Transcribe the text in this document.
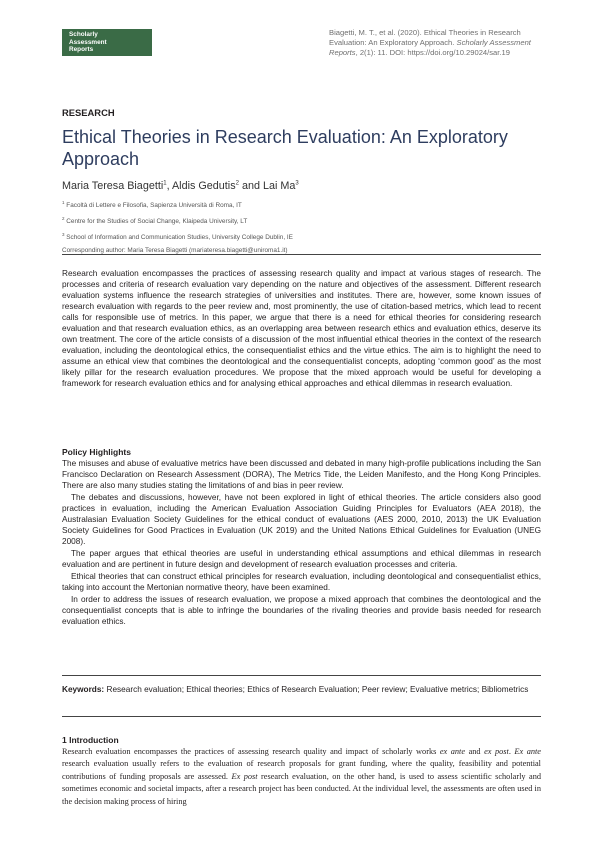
Scholarly
Assessment
Reports
Biagetti, M. T., et al. (2020). Ethical Theories in Research
Evaluation: An Exploratory Approach. Scholarly Assessment
Reports, 2(1): 11. DOI: https://doi.org/10.29024/sar.19
RESEARCH
Ethical Theories in Research Evaluation: An Exploratory Approach
Maria Teresa Biagetti$^1$, Aldis Gedutis$^2$ and Lai Ma$^3$
$^1$ Facoltà di Lettere e Filosofia, Sapienza Università di Roma, IT
$^2$ Centre for the Studies of Social Change, Klaipeda University, LT
$^3$ School of Information and Communication Studies, University College Dublin, IE
Corresponding author: Maria Teresa Biagetti (mariateresa.biagetti@uniroma1.it)

Research evaluation encompasses the practices of assessing research quality and impact at various stages of research. The processes and criteria of research evaluation vary depending on the nature and objectives of the assessment. Different research evaluation systems influence the research strategies of universities and institutes. There are, however, some known issues of research evaluation with regards to the peer review and, most prominently, the use of citation-based metrics, which lead to recent calls for responsible use of metrics. In this paper, we argue that there is a need for ethical theories for considering research evaluation and that research evaluation ethics, as an overlapping area between research ethics and evaluation ethics, deserve its own treatment. The core of the article consists of a discussion of the most influential ethical theories in the context of the research evaluation, including the deontological ethics, the consequentialist ethics and the virtue ethics. The aim is to highlight the need to assume an ethical view that combines the deontological and the consequentialist concepts, adopting ‘common good’ as the most likely pillar for the research evaluation procedures. We propose that the mixed approach would be useful for developing a framework for research evaluation ethics and for analysing ethical approaches and ethical dilemmas in research evaluation.

Policy Highlights

The misuses and abuse of evaluative metrics have been discussed and debated in many high-profile publications including the San Francisco Declaration on Research Assessment (DORA), The Metrics Tide, the Leiden Manifesto, and the Hong Kong Principles. There are also many studies stating the limitations of and bias in peer review.

The debates and discussions, however, have not been explored in light of ethical theories. The article considers also good practices in evaluation, including the American Evaluation Association Guiding Principles for Evaluators (AEA 2018), the Australasian Evaluation Society Guidelines for the ethical conduct of evaluations (AES 2000, 2010, 2013) the UK Evaluation Society Guidelines for Good Practices in Evaluation (UK 2019) and the United Nations Ethical Guidelines for Evaluation (UNEG 2008).

The paper argues that ethical theories are useful in understanding ethical assumptions and ethical dilemmas in research evaluation and are pertinent in future design and development of research evaluation processes and criteria.

Ethical theories that can construct ethical principles for research evaluation, including deontological and consequentialist ethics, taking into account the Mertonian normative theory, have been examined.

In order to address the issues of research evaluation, we propose a mixed approach that combines the deontological and the consequentialist concepts that is able to infringe the boundaries of the rivaling theories and provide basis needed for research evaluation ethics.

Keywords: Research evaluation; Ethical theories; Ethics of Research Evaluation; Peer review; Evaluative metrics; Bibliometrics
1 Introduction
Research evaluation encompasses the practices of assessing research quality and impact of scholarly works ex ante and ex post. Ex ante research evaluation usually refers to the evaluation of research proposals for grant funding, where the quality, feasibility and potential contributions of funding proposals are assessed. Ex post research evaluation, on the other hand, is used to assess scientific scholarly and sometimes economic and societal impacts, after a research project has been conducted. At the individual level, the assessments are often used in the decision making process of hiring
